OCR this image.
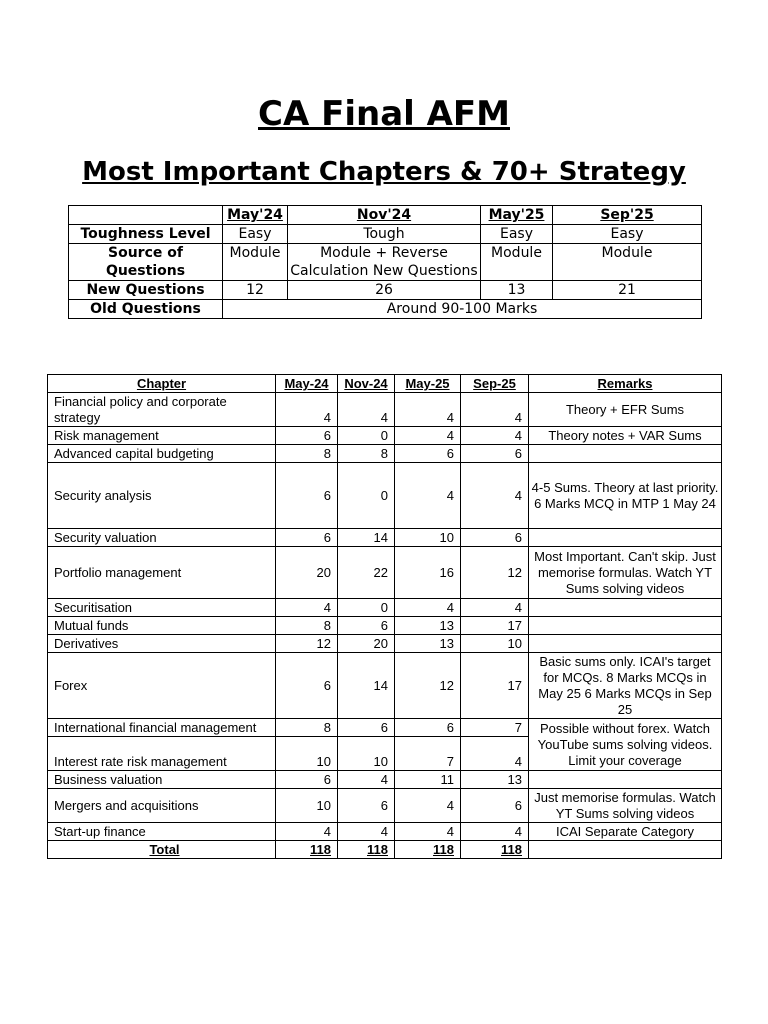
CA Final AFM
Most Important Chapters & 70+ Strategy
	May'24	Nov'24	May'25	Sep'25
Toughness Level	Easy	Tough	Easy	Easy
Source of Questions	Module	Module + Reverse Calculation New Questions	Module	Module
New Questions	12	26	13	21
Old Questions	Around 90-100 Marks			
Chapter	May-24	Nov-24	May-25	Sep-25	Remarks
Financial policy and corporate strategy	4	4	4	4	Theory + EFR Sums
Risk management	6	0	4	4	Theory notes + VAR Sums
Advanced capital budgeting	8	8	6	6	
Security analysis	6	0	4	4	4-5 Sums. Theory at last priority. 6 Marks MCQ in MTP 1 May 24
Security valuation	6	14	10	6	
Portfolio management	20	22	16	12	Most Important. Can't skip. Just memorise formulas. Watch YT Sums solving videos
Securitisation	4	0	4	4	
Mutual funds	8	6	13	17	
Derivatives	12	20	13	10	
Forex	6	14	12	17	Basic sums only. ICAI's target for MCQs. 8 Marks MCQs in May 25 6 Marks MCQs in Sep 25
International financial management	8	6	6	7	Possible without forex. Watch YouTube sums solving videos. Limit your coverage
Interest rate risk management	10	10	7	4	
Business valuation	6	4	11	13	
Mergers and acquisitions	10	6	4	6	Just memorise formulas. Watch YT Sums solving videos
Start-up finance	4	4	4	4	ICAI Separate Category
Total	118	118	118	118	
